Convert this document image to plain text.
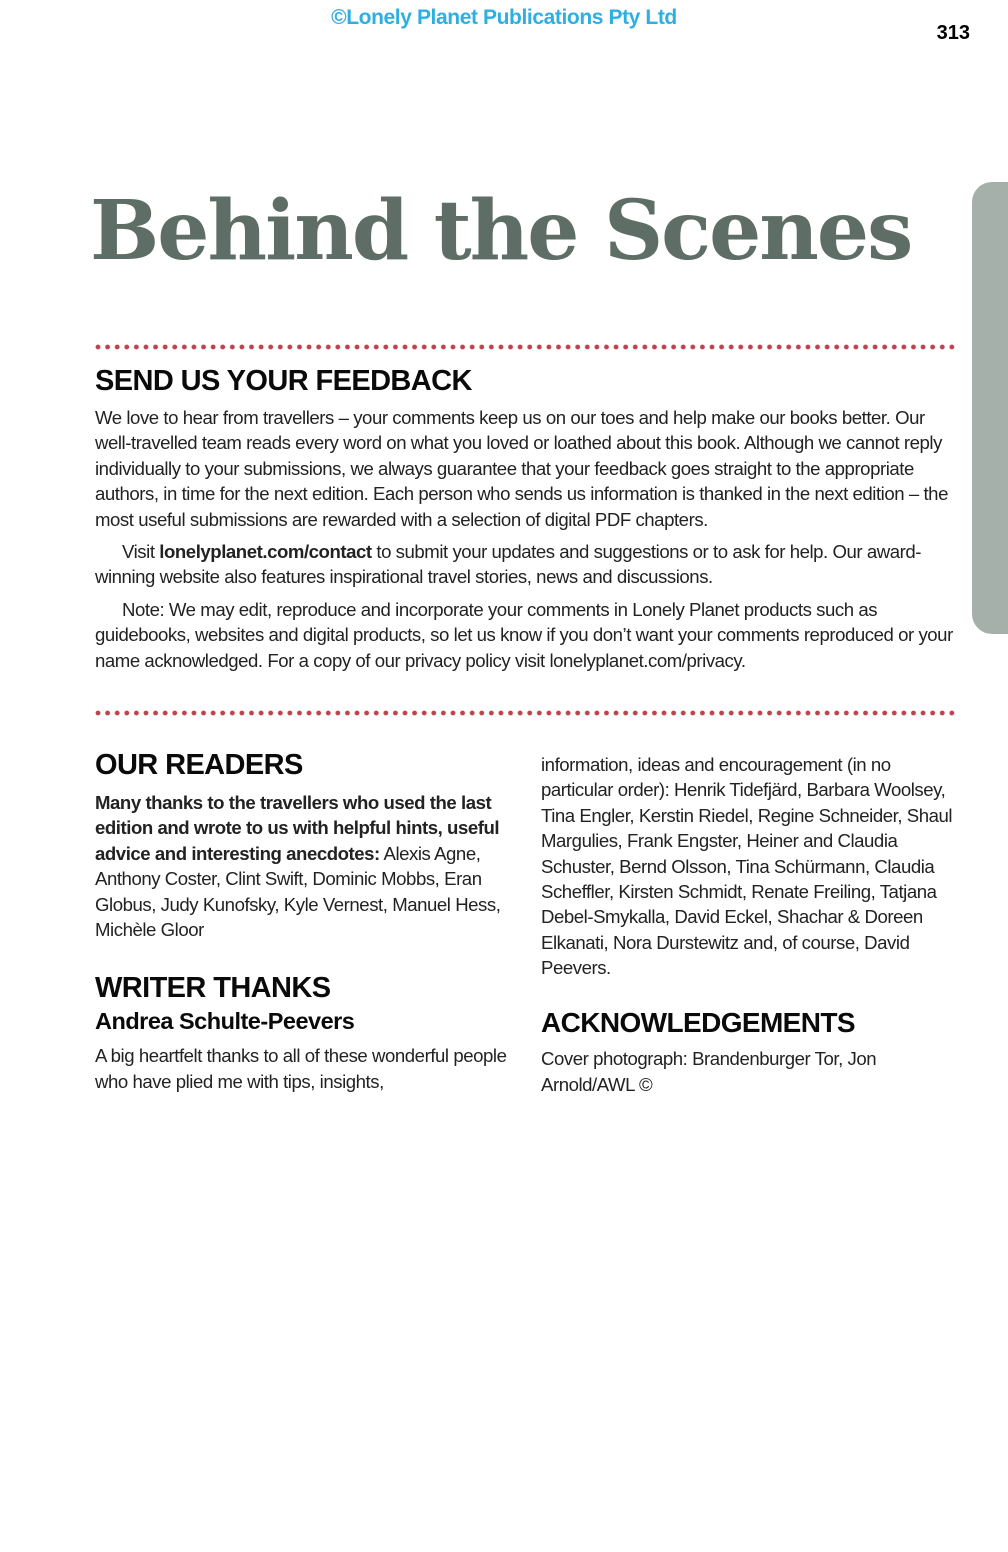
©Lonely Planet Publications Pty Ltd
313
Behind the Scenes
SEND US YOUR FEEDBACK

We love to hear from travellers – your comments keep us on our toes and help make our books better. Our well-travelled team reads every word on what you loved or loathed about this book. Although we cannot reply individually to your submissions, we always guarantee that your feedback goes straight to the appropriate authors, in time for the next edition. Each person who sends us information is thanked in the next edition – the most useful submissions are rewarded with a selection of digital PDF chapters.

Visit lonelyplanet.com/contact to submit your updates and suggestions or to ask for help. Our award-winning website also features inspirational travel stories, news and discussions.

Note: We may edit, reproduce and incorporate your comments in Lonely Planet products such as guidebooks, websites and digital products, so let us know if you don’t want your comments reproduced or your name acknowledged. For a copy of our privacy policy visit lonelyplanet.com/privacy.

OUR READERS

Many thanks to the travellers who used the last edition and wrote to us with helpful hints, useful advice and interesting anecdotes: Alexis Agne, Anthony Coster, Clint Swift, Dominic Mobbs, Eran Globus, Judy Kunofsky, Kyle Vernest, Manuel Hess, Michèle Gloor

WRITER THANKS
Andrea Schulte-Peevers

A big heartfelt thanks to all of these wonderful people who have plied me with tips, insights,

information, ideas and encouragement (in no particular order): Henrik Tidefjärd, Barbara Woolsey, Tina Engler, Kerstin Riedel, Regine Schneider, Shaul Margulies, Frank Engster, Heiner and Claudia Schuster, Bernd Olsson, Tina Schürmann, Claudia Scheffler, Kirsten Schmidt, Renate Freiling, Tatjana Debel-Smykalla, David Eckel, Shachar & Doreen Elkanati, Nora Durstewitz and, of course, David Peevers.

ACKNOWLEDGEMENTS

Cover photograph: Brandenburger Tor, Jon Arnold/AWL ©
